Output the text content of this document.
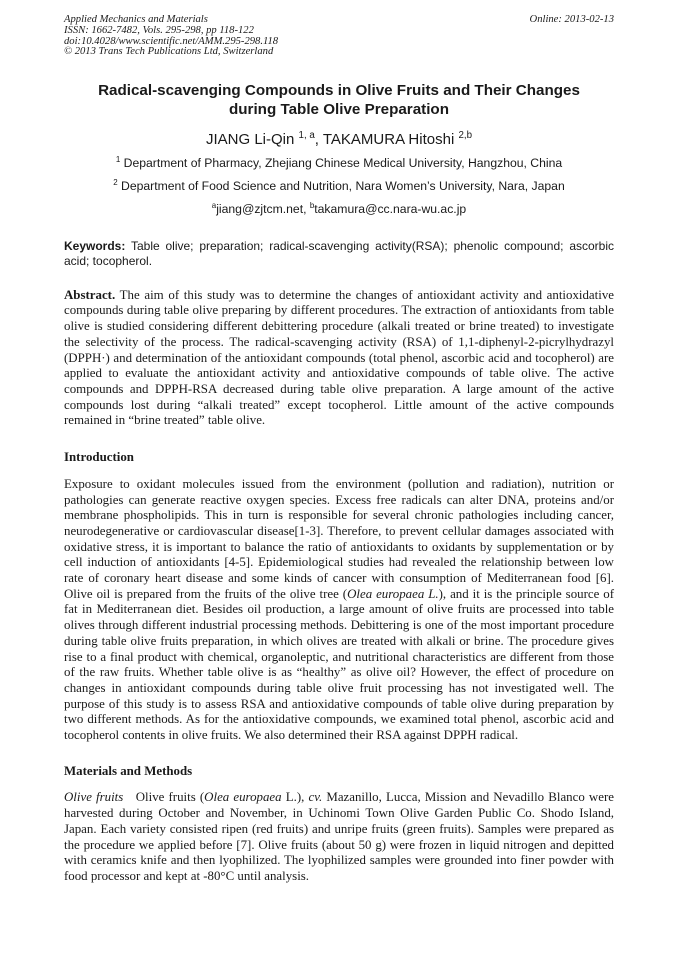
Applied Mechanics and Materials
ISSN: 1662-7482, Vols. 295-298, pp 118-122
doi:10.4028/www.scientific.net/AMM.295-298.118
© 2013 Trans Tech Publications Ltd, Switzerland
Online: 2013-02-13
Radical-scavenging Compounds in Olive Fruits and Their Changes
during Table Olive Preparation
JIANG Li-Qin $^{1, a}$, TAKAMURA Hitoshi $^{2,b}$
$^1$ Department of Pharmacy, Zhejiang Chinese Medical University, Hangzhou, China
$^2$ Department of Food Science and Nutrition, Nara Women’s University, Nara, Japan
$^a$jiang@zjtcm.net, $^b$takamura@cc.nara-wu.ac.jp
Keywords: Table olive; preparation; radical-scavenging activity(RSA); phenolic compound; ascorbic acid; tocopherol.
Abstract. The aim of this study was to determine the changes of antioxidant activity and antioxidative compounds during table olive preparing by different procedures. The extraction of antioxidants from table olive is studied considering different debittering procedure (alkali treated or brine treated) to investigate the selectivity of the process. The radical-scavenging activity (RSA) of 1,1-diphenyl-2-picrylhydrazyl (DPPH·) and determination of the antioxidant compounds (total phenol, ascorbic acid and tocopherol) are applied to evaluate the antioxidant activity and antioxidative compounds of table olive. The active compounds and DPPH-RSA decreased during table olive preparation. A large amount of the active compounds lost during “alkali treated” except tocopherol. Little amount of the active compounds remained in “brine treated” table olive.
Introduction
Exposure to oxidant molecules issued from the environment (pollution and radiation), nutrition or pathologies can generate reactive oxygen species. Excess free radicals can alter DNA, proteins and/or membrane phospholipids. This in turn is responsible for several chronic pathologies including cancer, neurodegenerative or cardiovascular disease[1-3]. Therefore, to prevent cellular damages associated with oxidative stress, it is important to balance the ratio of antioxidants to oxidants by supplementation or by cell induction of antioxidants [4-5]. Epidemiological studies had revealed the relationship between low rate of coronary heart disease and some kinds of cancer with consumption of Mediterranean food [6]. Olive oil is prepared from the fruits of the olive tree (Olea europaea L.), and it is the principle source of fat in Mediterranean diet. Besides oil production, a large amount of olive fruits are processed into table olives through different industrial processing methods. Debittering is one of the most important procedure during table olive fruits preparation, in which olives are treated with alkali or brine. The procedure gives rise to a final product with chemical, organoleptic, and nutritional characteristics are different from those of the raw fruits. Whether table olive is as “healthy” as olive oil? However, the effect of procedure on changes in antioxidant compounds during table olive fruit processing has not investigated well. The purpose of this study is to assess RSA and antioxidative compounds of table olive during preparation by two different methods. As for the antioxidative compounds, we examined total phenol, ascorbic acid and tocopherol contents in olive fruits. We also determined their RSA against DPPH radical.
Materials and Methods
Olive fruits   Olive fruits (Olea europaea L.), cv. Mazanillo, Lucca, Mission and Nevadillo Blanco were harvested during October and November, in Uchinomi Town Olive Garden Public Co. Shodo Island, Japan. Each variety consisted ripen (red fruits) and unripe fruits (green fruits). Samples were prepared as the procedure we applied before [7]. Olive fruits (about 50 g) were frozen in liquid nitrogen and depitted with ceramics knife and then lyophilized. The lyophilized samples were grounded into finer powder with food processor and kept at -80°C until analysis.
